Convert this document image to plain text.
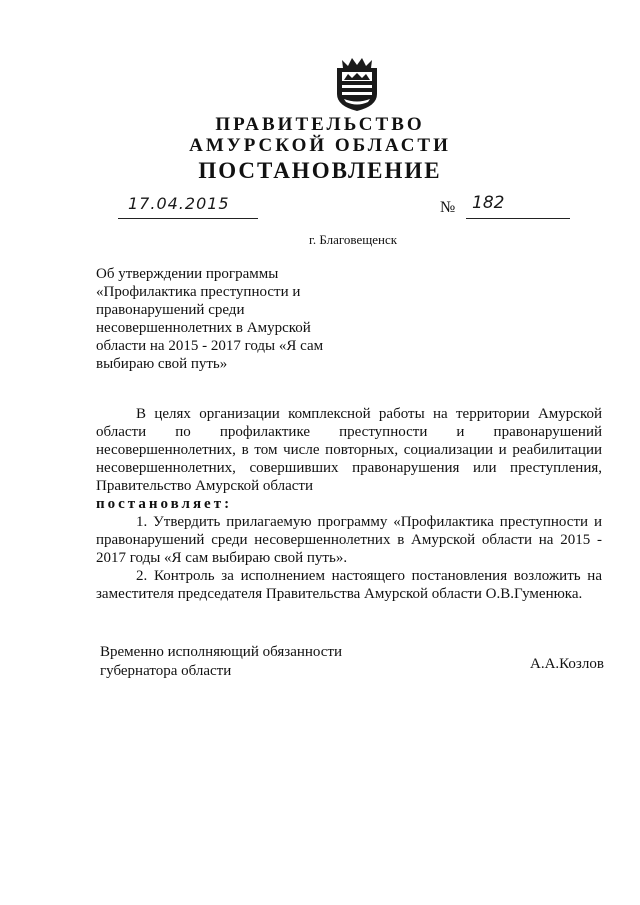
ПРАВИТЕЛЬСТВО
АМУРСКОЙ ОБЛАСТИ
ПОСТАНОВЛЕНИЕ
17.04.2015	№ 182
г. Благовещенск
Об утверждении программы «Профилактика преступности и правонарушений среди несовершеннолетних в Амурской области на 2015 - 2017 годы «Я сам выбираю свой путь»

В целях организации комплексной работы на территории Амурской области по профилактике преступности и правонарушений несовершеннолетних, в том числе повторных, социализации и реабилитации несовершеннолетних, совершивших правонарушения или преступления, Правительство Амурской области

постановляет:

1. Утвердить прилагаемую программу «Профилактика преступности и правонарушений среди несовершеннолетних в Амурской области на 2015 - 2017 годы «Я сам выбираю свой путь».

2. Контроль за исполнением настоящего постановления возложить на заместителя председателя Правительства Амурской области О.В.Гуменюка.

Временно исполняющий обязанности
губернатора области	А.А.Козлов
